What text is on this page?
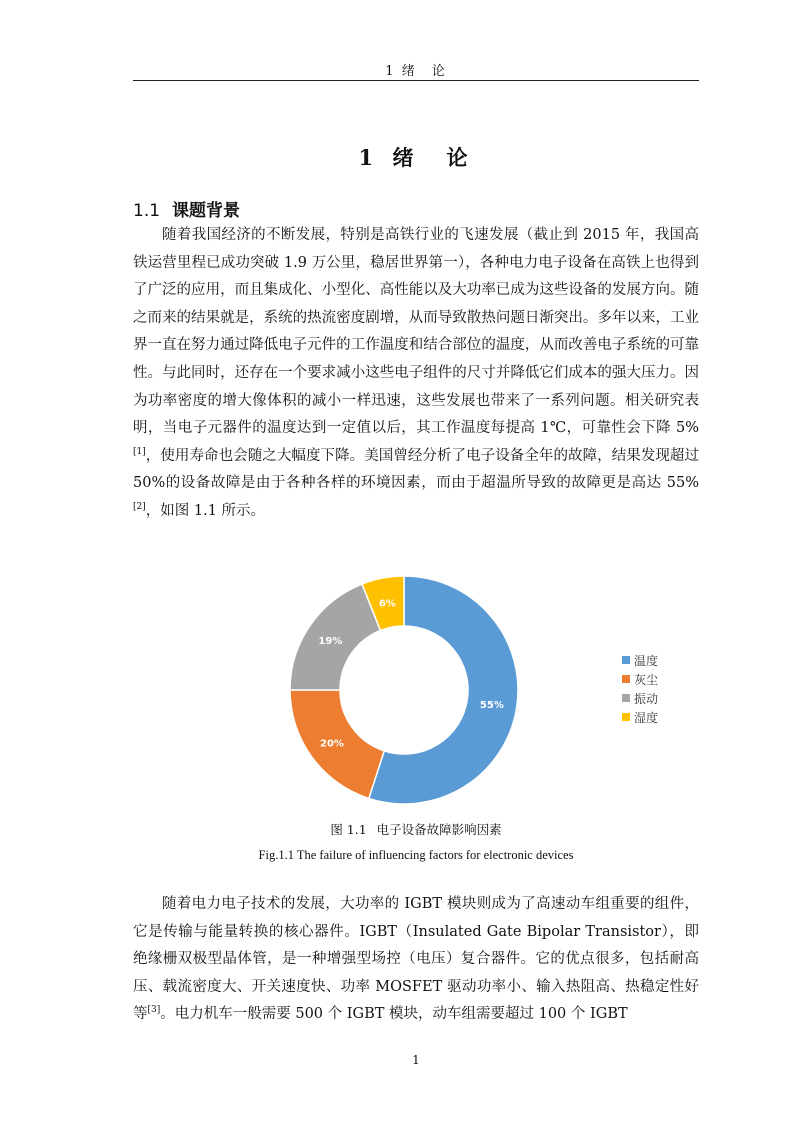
1 绪　论
1 绪　论
1.1 课题背景

随着我国经济的不断发展，特别是高铁行业的飞速发展（截止到 2015 年，我国高铁运营里程已成功突破 1.9 万公里，稳居世界第一），各种电力电子设备在高铁上也得到了广泛的应用，而且集成化、小型化、高性能以及大功率已成为这些设备的发展方向。随之而来的结果就是，系统的热流密度剧增，从而导致散热问题日渐突出。多年以来，工业界一直在努力通过降低电子元件的工作温度和结合部位的温度，从而改善电子系统的可靠性。与此同时，还存在一个要求减小这些电子组件的尺寸并降低它们成本的强大压力。因为功率密度的增大像体积的减小一样迅速，这些发展也带来了一系列问题。相关研究表明，当电子元器件的温度达到一定值以后，其工作温度每提高 1℃，可靠性会下降 5%[1]，使用寿命也会随之大幅度下降。美国曾经分析了电子设备全年的故障，结果发现超过 50%的设备故障是由于各种各样的环境因素，而由于超温所导致的故障更是高达 55%[2]，如图 1.1 所示。

55%
20%
19%
6%
温度
灰尘
振动
湿度
图 1.1 电子设备故障影响因素
Fig.1.1 The failure of influencing factors for electronic devices

随着电力电子技术的发展，大功率的 IGBT 模块则成为了高速动车组重要的组件，它是传输与能量转换的核心器件。IGBT（Insulated Gate Bipolar Transistor），即绝缘栅双极型晶体管，是一种增强型场控（电压）复合器件。它的优点很多，包括耐高压、载流密度大、开关速度快、功率 MOSFET 驱动功率小、输入热阻高、热稳定性好等[3]。电力机车一般需要 500 个 IGBT 模块，动车组需要超过 100 个 IGBT

1
